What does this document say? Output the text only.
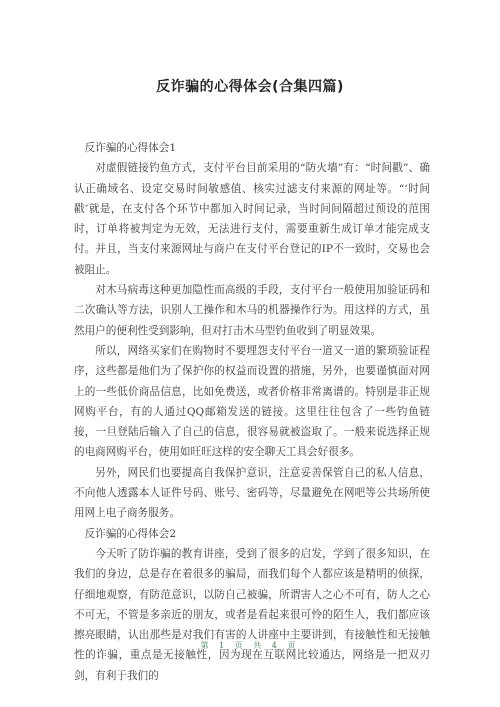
反诈骗的心得体会(合集四篇)

反诈骗的心得体会1

对虚假链接钓鱼方式，支付平台目前采用的“防火墙”有：“时间戳”、确认正确域名、设定交易时间敏感值、核实过滤支付来源的网址等。“‘时间戳’就是，在支付各个环节中都加入时间记录，当时间间隔超过预设的范围时，订单将被判定为无效，无法进行支付，需要重新生成订单才能完成支付。并且，当支付来源网址与商户在支付平台登记的IP不一致时，交易也会被阻止。

对木马病毒这种更加隐性而高级的手段，支付平台一般使用加验证码和二次确认等方法，识别人工操作和木马的机器操作行为。用这样的方式，虽然用户的便利性受到影响，但对打击木马型钓鱼收到了明显效果。

所以，网络买家们在购物时不要埋怨支付平台一道又一道的繁琐验证程序，这些都是他们为了保护你的权益而设置的措施，另外，也要谨慎面对网上的一些低价商品信息，比如免费送，或者价格非常离谱的。特别是非正规网购平台，有的人通过QQ邮箱发送的链接。这里往往包含了一些钓鱼链接，一旦登陆后输入了自己的信息，很容易就被盗取了。一般来说选择正规的电商网购平台，使用如旺旺这样的安全聊天工具会好很多。

另外，网民们也要提高自我保护意识，注意妥善保管自己的私人信息，不向他人透露本人证件号码、账号、密码等，尽量避免在网吧等公共场所使用网上电子商务服务。

反诈骗的心得体会2

今天听了防诈骗的教育讲座，受到了很多的启发，学到了很多知识，在我们的身边，总是存在着很多的骗局，而我们每个人都应该是精明的侦探，仔细地观察，有防范意识，以防自己被骗，所谓害人之心不可有，防人之心不可无，不管是多亲近的朋友，或者是看起来很可怜的陌生人，我们都应该擦亮眼睛，认出那些是对我们有害的人讲座中主要讲到，有接触性和无接触性的诈骗，重点是无接触性，因为现在互联网比较通达，网络是一把双刃剑，有利于我们的

第 1 页 共 4 页
